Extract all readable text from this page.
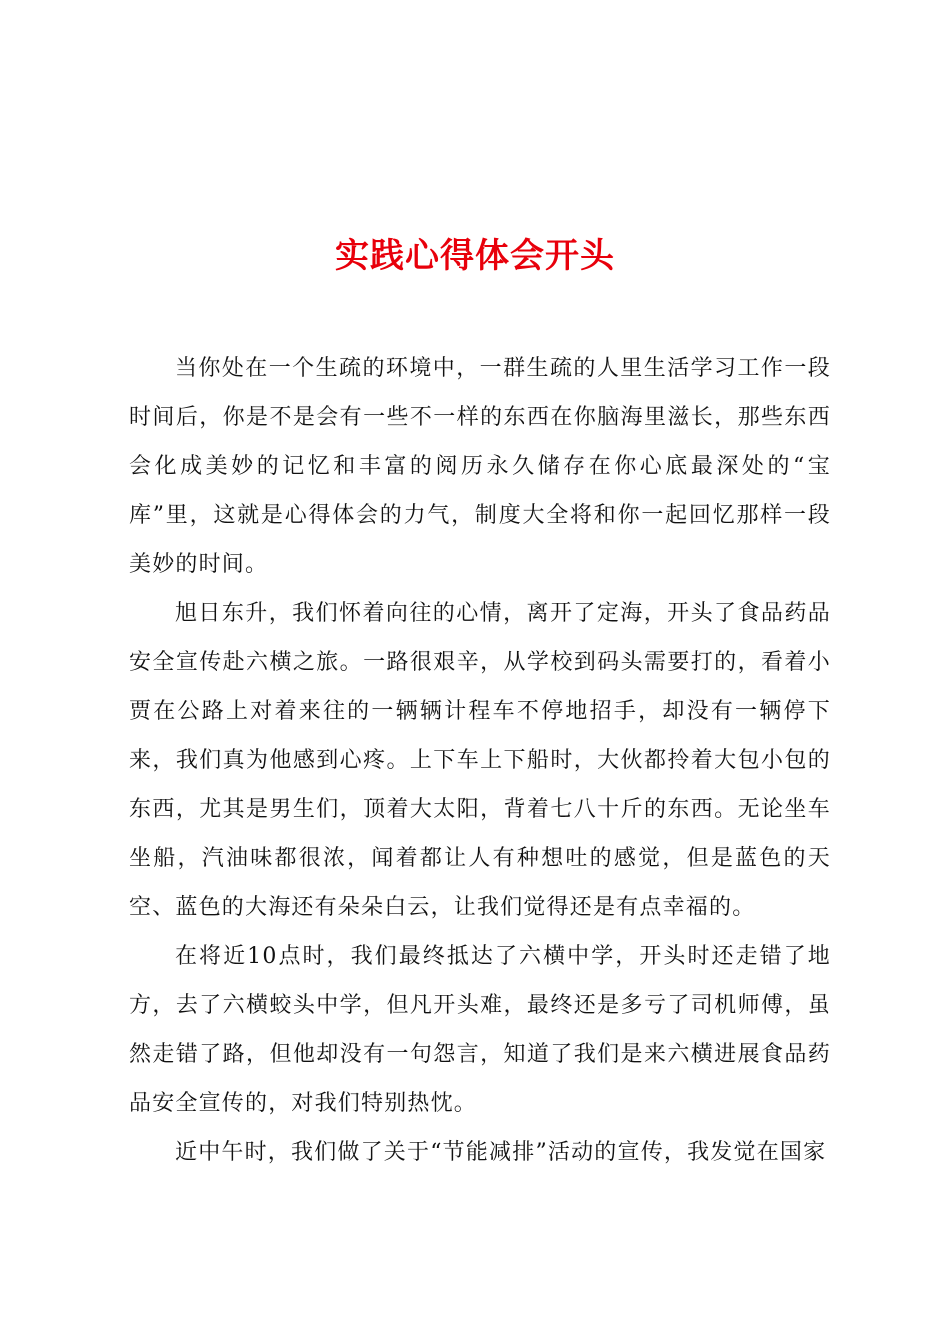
实践心得体会开头

当你处在一个生疏的环境中，一群生疏的人里生活学习工作一段时间后，你是不是会有一些不一样的东西在你脑海里滋长，那些东西会化成美妙的记忆和丰富的阅历永久储存在你心底最深处的“宝库”里，这就是心得体会的力气，制度大全将和你一起回忆那样一段美妙的时间。

旭日东升，我们怀着向往的心情，离开了定海，开头了食品药品安全宣传赴六横之旅。一路很艰辛，从学校到码头需要打的，看着小贾在公路上对着来往的一辆辆计程车不停地招手，却没有一辆停下来，我们真为他感到心疼。上下车上下船时，大伙都拎着大包小包的东西，尤其是男生们，顶着大太阳，背着七八十斤的东西。无论坐车坐船，汽油味都很浓，闻着都让人有种想吐的感觉，但是蓝色的天空、蓝色的大海还有朵朵白云，让我们觉得还是有点幸福的。

在将近10点时，我们最终抵达了六横中学，开头时还走错了地方，去了六横蛟头中学，但凡开头难，最终还是多亏了司机师傅，虽然走错了路，但他却没有一句怨言，知道了我们是来六横进展食品药品安全宣传的，对我们特别热忱。

近中午时，我们做了关于“节能减排”活动的宣传，我发觉在国家
